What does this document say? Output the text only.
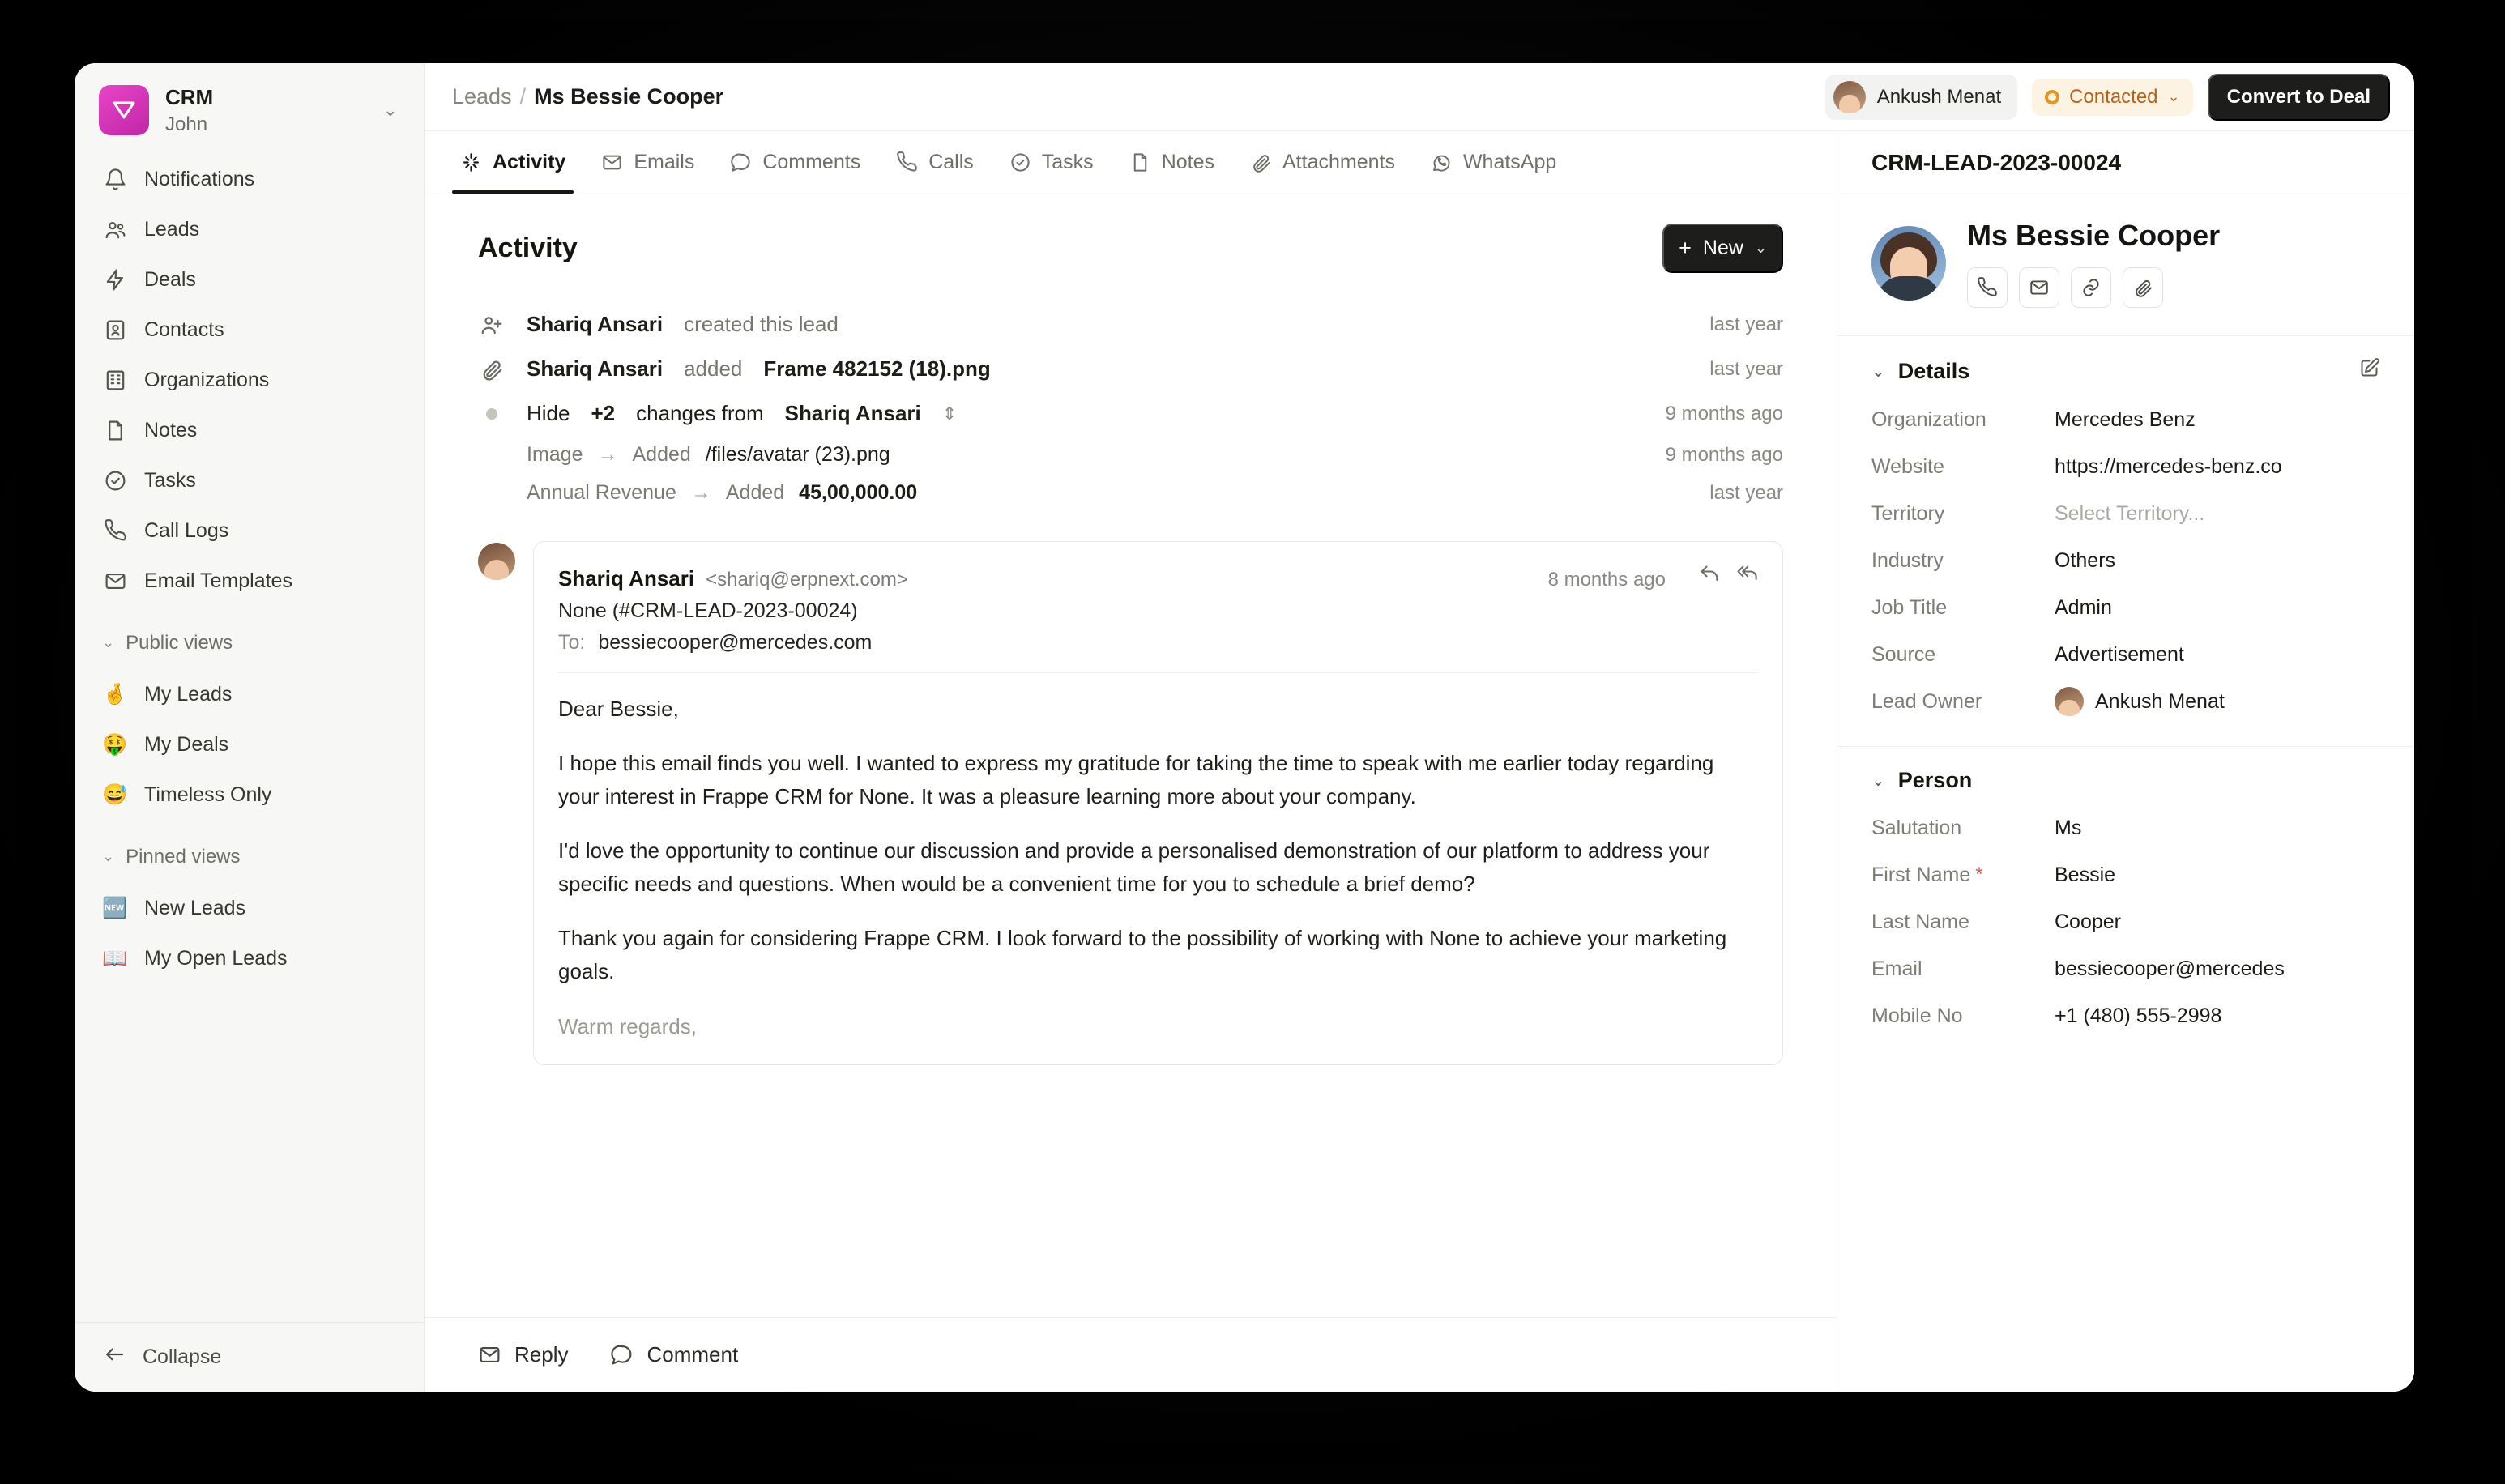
CRM
John
⌄
Notifications
Leads
Deals
Contacts
Organizations
Notes
Tasks
Call Logs
Email Templates
⌄ Public views
🤞 My Leads
🤑 My Deals
😅 Timeless Only
⌄ Pinned views
🆕 New Leads
📖 My Open Leads
Collapse
Leads / Ms Bessie Cooper	Ankush Menat	Contacted ⌄	Convert to Deal
Activity	Emails	Comments	Calls	Tasks	Notes	Attachments	WhatsApp
Activity	+ New ⌄
Shariq Ansari created this lead	last year
Shariq Ansari added Frame 482152 (18).png	last year
Hide +2 changes from Shariq Ansari ⇕	9 months ago
Image → Added /files/avatar (23).png	9 months ago
Annual Revenue → Added 45,00,000.00	last year
Shariq Ansari <shariq@erpnext.com>	8 months ago
None (#CRM-LEAD-2023-00024)
To: bessiecooper@mercedes.com

Dear Bessie,

I hope this email finds you well. I wanted to express my gratitude for taking the time to speak with me earlier today regarding your interest in Frappe CRM for None. It was a pleasure learning more about your company.

I'd love the opportunity to continue our discussion and provide a personalised demonstration of our platform to address your specific needs and questions. When would be a convenient time for you to schedule a brief demo?

Thank you again for considering Frappe CRM. I look forward to the possibility of working with None to achieve your marketing goals.

Warm regards,

Reply	Comment
CRM-LEAD-2023-00024
Ms Bessie Cooper
⌄ Details
Organization	Mercedes Benz
Website	https://mercedes-benz.co
Territory	Select Territory...
Industry	Others
Job Title	Admin
Source	Advertisement
Lead Owner	Ankush Menat
⌄ Person
Salutation	Ms
First Name *	Bessie
Last Name	Cooper
Email	bessiecooper@mercedes
Mobile No	+1 (480) 555-2998
